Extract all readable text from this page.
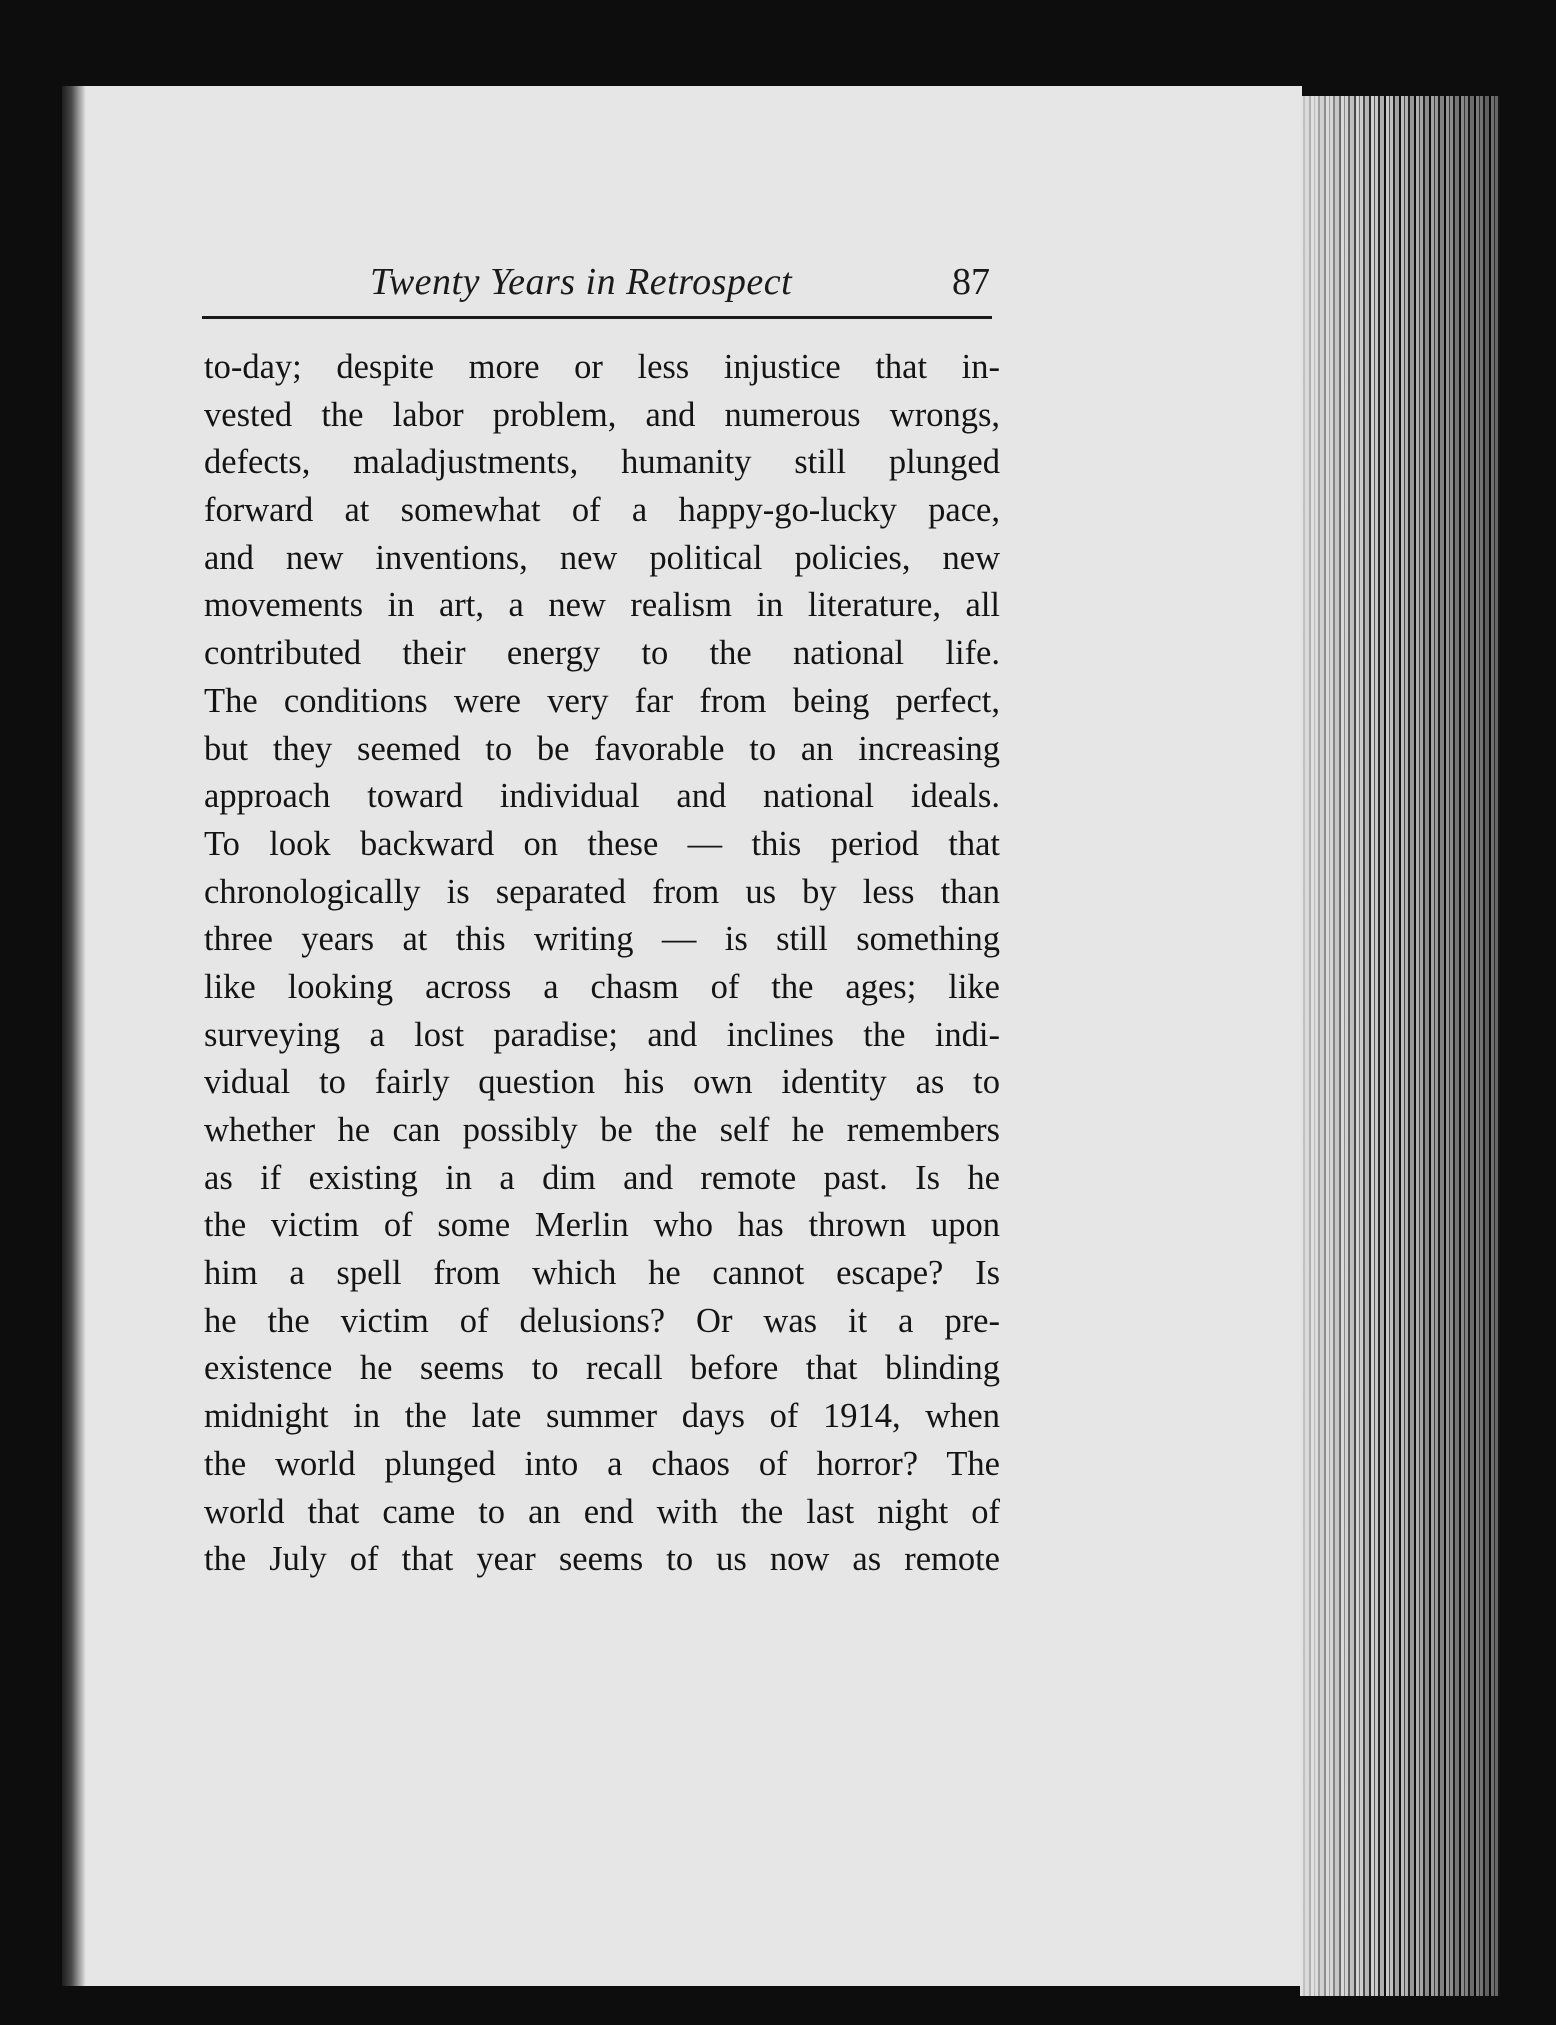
Twenty Years in Retrospect	87
to-day; despite more or less injustice that in-
vested the labor problem, and numerous wrongs,
defects, maladjustments, humanity still plunged
forward at somewhat of a happy-go-lucky pace,
and new inventions, new political policies, new
movements in art, a new realism in literature, all
contributed their energy to the national life.
The conditions were very far from being perfect,
but they seemed to be favorable to an increasing
approach toward individual and national ideals.
To look backward on these — this period that
chronologically is separated from us by less than
three years at this writing — is still something
like looking across a chasm of the ages; like
surveying a lost paradise; and inclines the indi-
vidual to fairly question his own identity as to
whether he can possibly be the self he remembers
as if existing in a dim and remote past. Is he
the victim of some Merlin who has thrown upon
him a spell from which he cannot escape? Is
he the victim of delusions? Or was it a pre-
existence he seems to recall before that blinding
midnight in the late summer days of 1914, when
the world plunged into a chaos of horror? The
world that came to an end with the last night of
the July of that year seems to us now as remote
